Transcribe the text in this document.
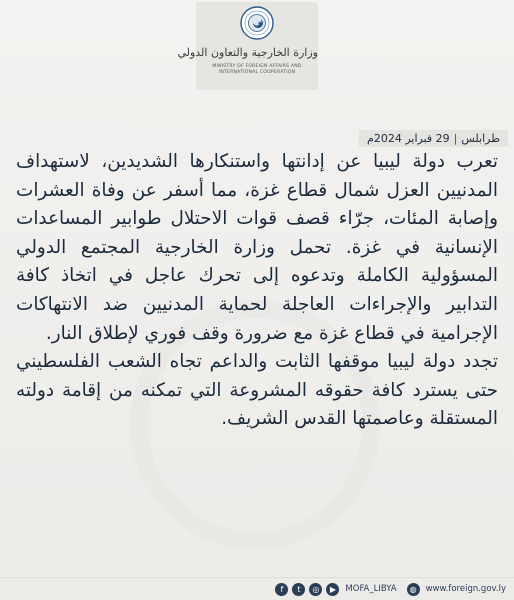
وزارة الخارجية والتعاون الدولي
MINISTRY OF FOREIGN AFFAIRS AND
INTERNATIONAL COOPERATION
طرابلس|29 فبراير 2024م

تعرب دولة ليبيا عن إدانتها واستنكارها الشديدين، لاستهداف المدنيين العزل شمال قطاع غزة، مما أسفر عن وفاة العشرات وإصابة المئات، جرّاء قصف قوات الاحتلال طوابير المساعدات الإنسانية في غزة. تحمل وزارة الخارجية المجتمع الدولي المسؤولية الكاملة وتدعوه إلى تحرك عاجل في اتخاذ كافة التدابير والإجراءات العاجلة لحماية المدنيين ضد الانتهاكات الإجرامية في قطاع غزة مع ضرورة وقف فوري لإطلاق النار.

تجدد دولة ليبيا موقفها الثابت والداعم تجاه الشعب الفلسطيني حتى يسترد كافة حقوقه المشروعة التي تمكنه من إقامة دولته المستقلة وعاصمتها القدس الشريف.

f	t	◎	▶	MOFA_LIBYA	◍	www.foreign.gov.ly
